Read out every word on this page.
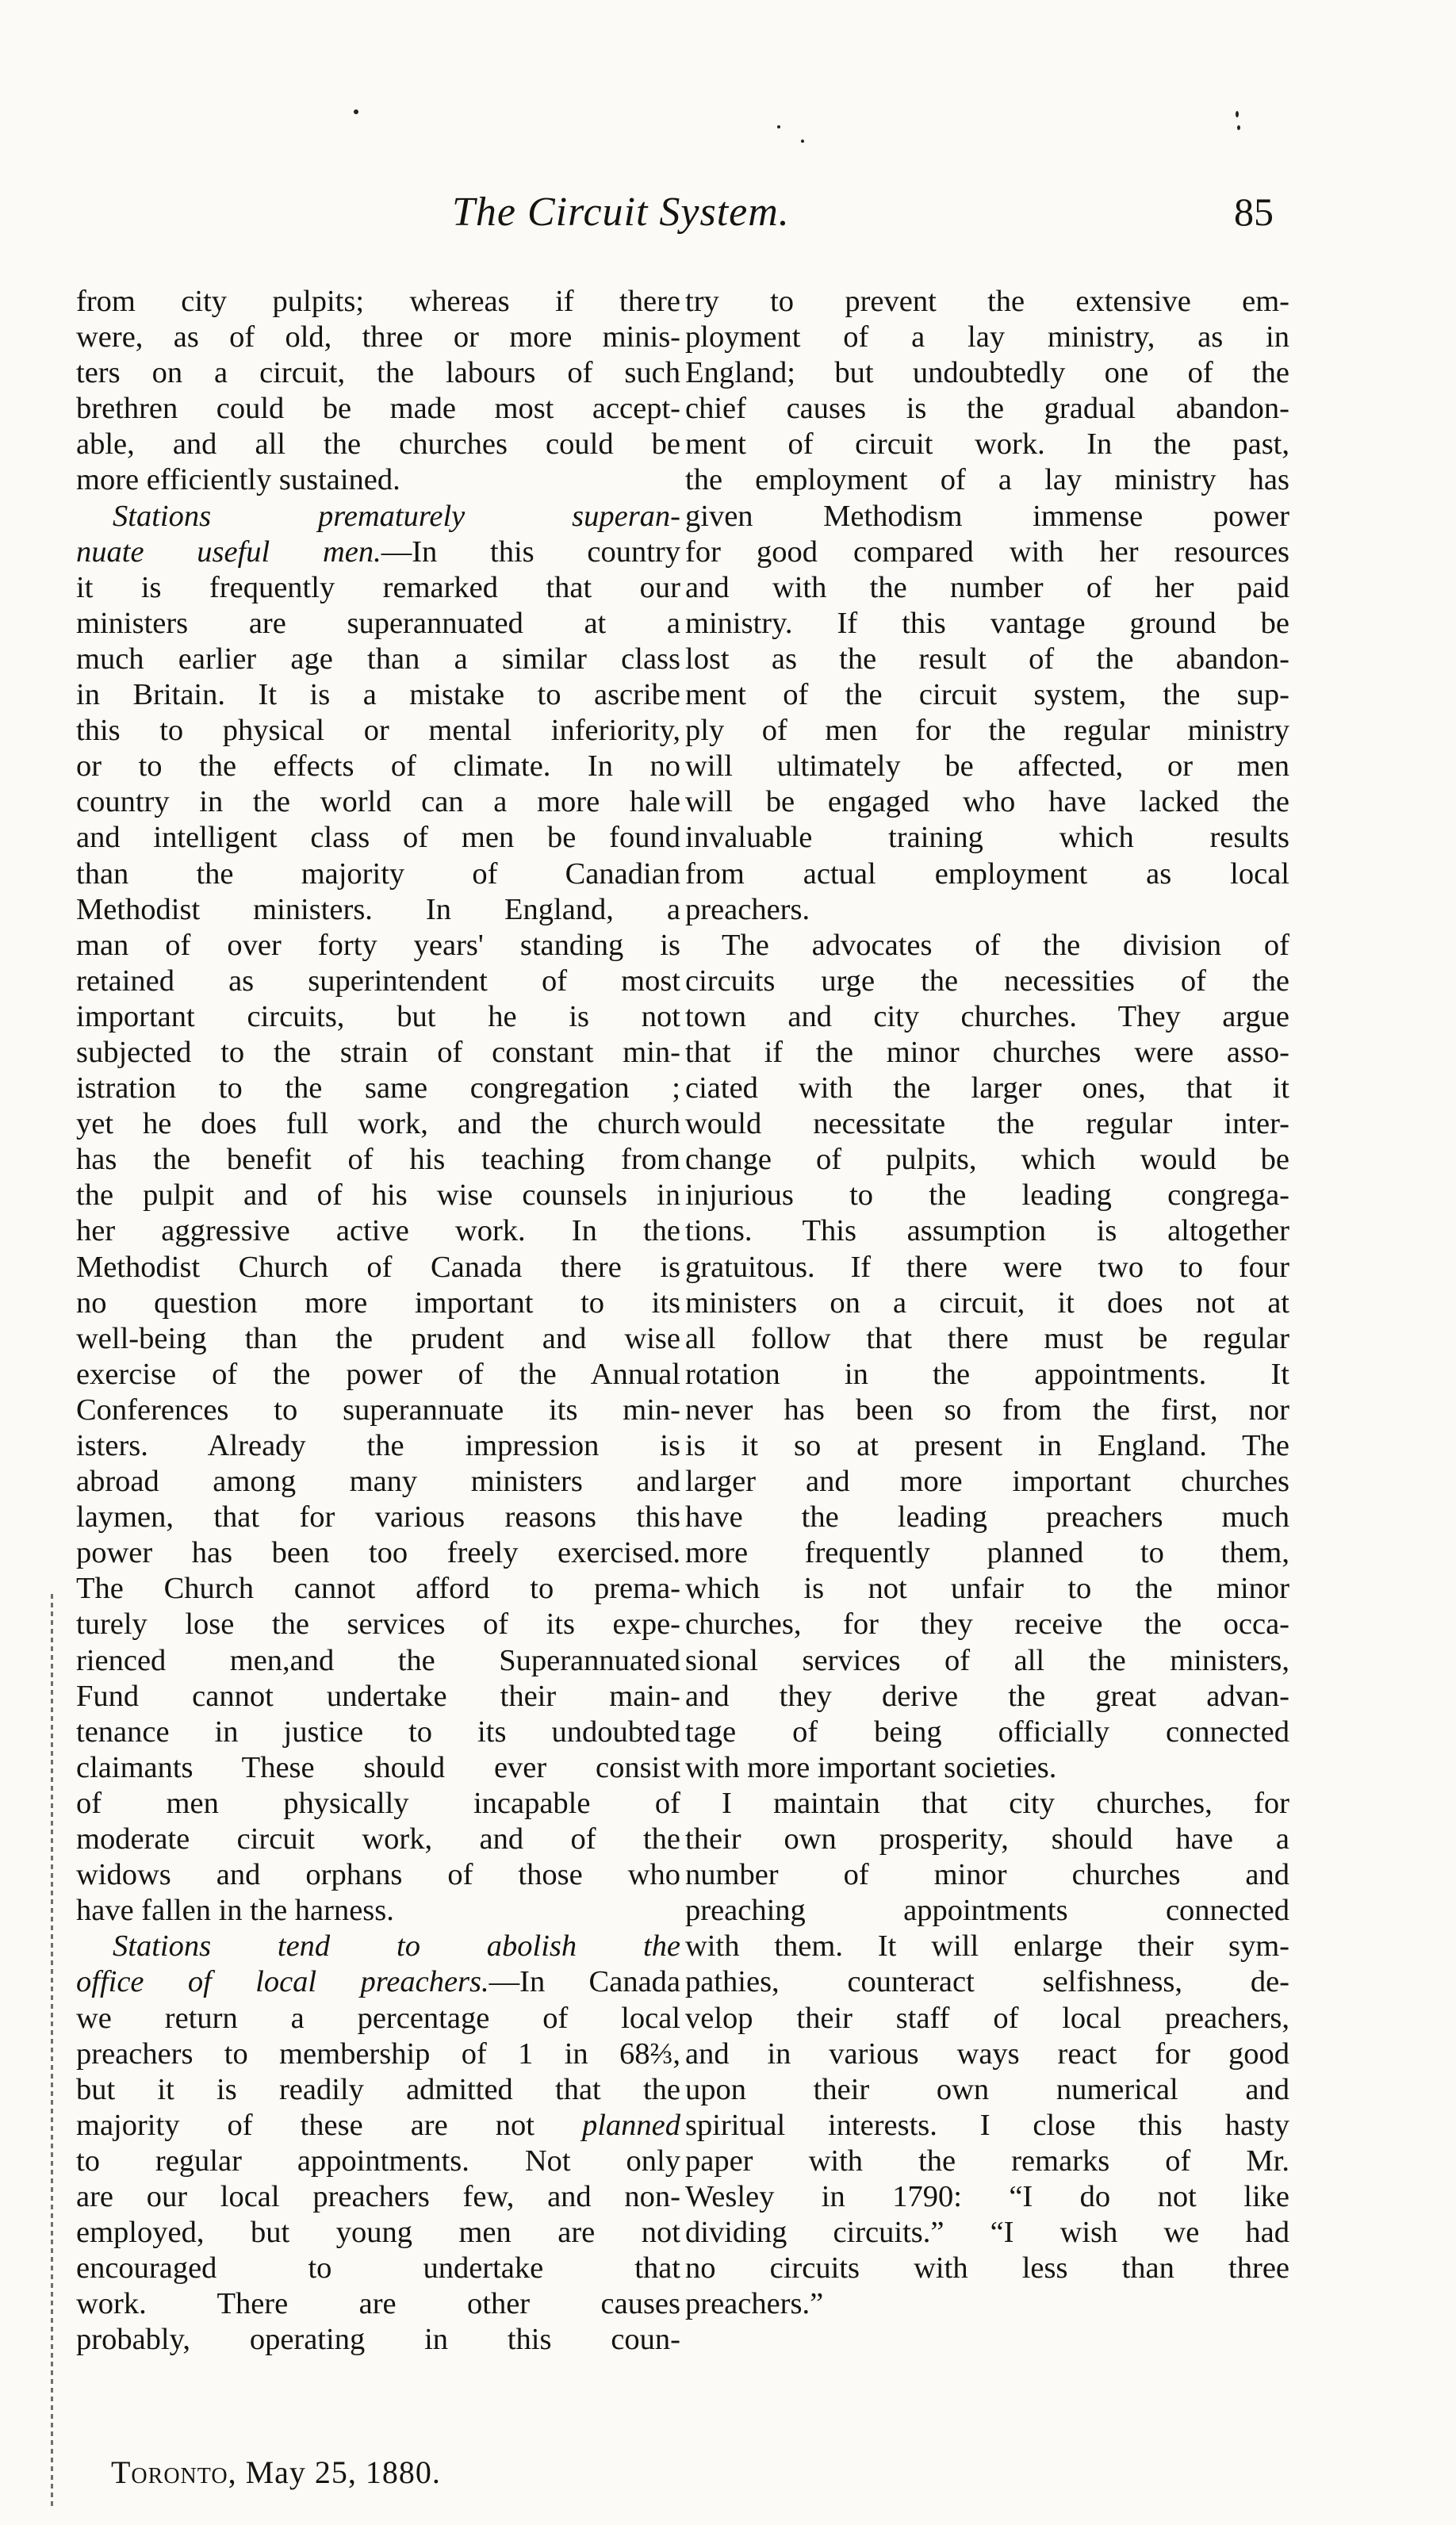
The Circuit System.	85
from city pulpits; whereas if there
were, as of old, three or more minis-
ters on a circuit, the labours of such
brethren could be made most accept-
able, and all the churches could be
more efficiently sustained.
Stations prematurely superan-
nuate useful men.—In this country
it is frequently remarked that our
ministers are superannuated at a
much earlier age than a similar class
in Britain. It is a mistake to ascribe
this to physical or mental inferiority,
or to the effects of climate. In no
country in the world can a more hale
and intelligent class of men be found
than the majority of Canadian
Methodist ministers. In England, a
man of over forty years' standing is
retained as superintendent of most
important circuits, but he is not
subjected to the strain of constant min-
istration to the same congregation ;
yet he does full work, and the church
has the benefit of his teaching from
the pulpit and of his wise counsels in
her aggressive active work. In the
Methodist Church of Canada there is
no question more important to its
well-being than the prudent and wise
exercise of the power of the Annual
Conferences to superannuate its min-
isters. Already the impression is
abroad among many ministers and
laymen, that for various reasons this
power has been too freely exercised.
The Church cannot afford to prema-
turely lose the services of its expe-
rienced men,and the Superannuated
Fund cannot undertake their main-
tenance in justice to its undoubted
claimants These should ever consist
of men physically incapable of
moderate circuit work, and of the
widows and orphans of those who
have fallen in the harness.
Stations tend to abolish the
office of local preachers.—In Canada
we return a percentage of local
preachers to membership of 1 in 68⅔,
but it is readily admitted that the
majority of these are not planned
to regular appointments. Not only
are our local preachers few, and non-
employed, but young men are not
encouraged to undertake that
work. There are other causes
probably, operating in this coun-
try to prevent the extensive em-
ployment of a lay ministry, as in
England; but undoubtedly one of the
chief causes is the gradual abandon-
ment of circuit work. In the past,
the employment of a lay ministry has
given Methodism immense power
for good compared with her resources
and with the number of her paid
ministry. If this vantage ground be
lost as the result of the abandon-
ment of the circuit system, the sup-
ply of men for the regular ministry
will ultimately be affected, or men
will be engaged who have lacked the
invaluable training which results
from actual employment as local
preachers.
The advocates of the division of
circuits urge the necessities of the
town and city churches. They argue
that if the minor churches were asso-
ciated with the larger ones, that it
would necessitate the regular inter-
change of pulpits, which would be
injurious to the leading congrega-
tions. This assumption is altogether
gratuitous. If there were two to four
ministers on a circuit, it does not at
all follow that there must be regular
rotation in the appointments. It
never has been so from the first, nor
is it so at present in England. The
larger and more important churches
have the leading preachers much
more frequently planned to them,
which is not unfair to the minor
churches, for they receive the occa-
sional services of all the ministers,
and they derive the great advan-
tage of being officially connected
with more important societies.
I maintain that city churches, for
their own prosperity, should have a
number of minor churches and
preaching appointments connected
with them. It will enlarge their sym-
pathies, counteract selfishness, de-
velop their staff of local preachers,
and in various ways react for good
upon their own numerical and
spiritual interests. I close this hasty
paper with the remarks of Mr.
Wesley in 1790: “I do not like
dividing circuits.” “I wish we had
no circuits with less than three
preachers.”
Toronto, May 25, 1880.
